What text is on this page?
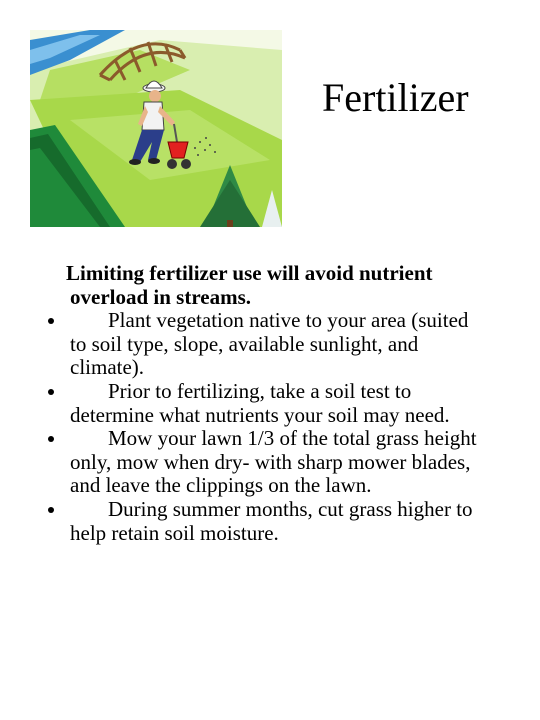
Fertilizer
Limiting fertilizer use will avoid nutrient
overload in streams.
Plant vegetation native to your area (suited to soil type, slope, available sunlight, and climate).
Prior to fertilizing, take a soil test to determine what nutrients your soil may need.
Mow your lawn 1/3 of the total grass height only, mow when dry- with sharp mower blades, and leave the clippings on the lawn.
During summer months, cut grass higher to help retain soil moisture.
